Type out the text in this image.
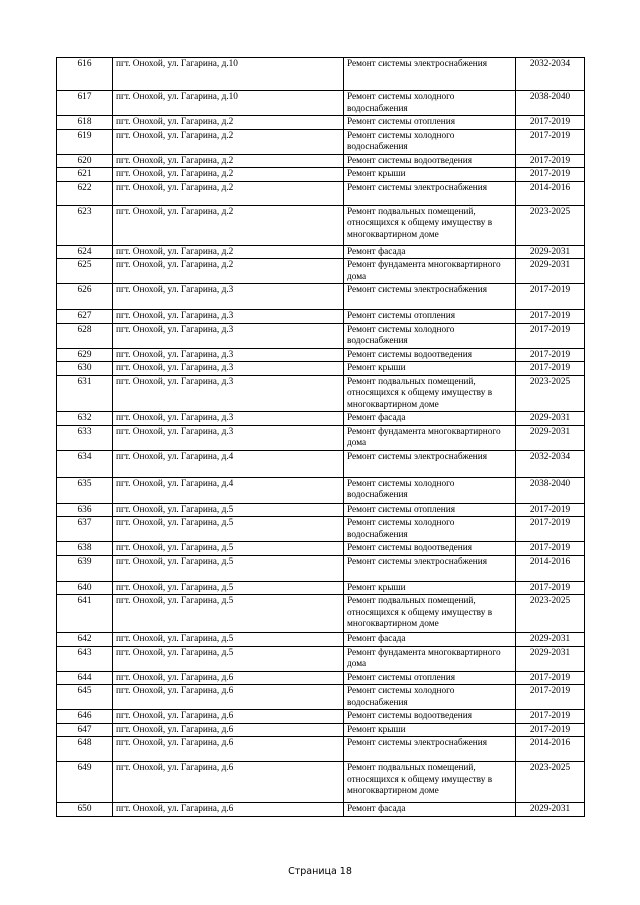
616	пгт. Онохой, ул. Гагарина, д.10	Ремонт системы электроснабжения	2032-2034
617	пгт. Онохой, ул. Гагарина, д.10	Ремонт системы холодного водоснабжения	2038-2040
618	пгт. Онохой, ул. Гагарина, д.2	Ремонт системы отопления	2017-2019
619	пгт. Онохой, ул. Гагарина, д.2	Ремонт системы холодного водоснабжения	2017-2019
620	пгт. Онохой, ул. Гагарина, д.2	Ремонт системы водоотведения	2017-2019
621	пгт. Онохой, ул. Гагарина, д.2	Ремонт крыши	2017-2019
622	пгт. Онохой, ул. Гагарина, д.2	Ремонт системы электроснабжения	2014-2016
623	пгт. Онохой, ул. Гагарина, д.2	Ремонт подвальных помещений, относящихся к общему имуществу в многоквартирном доме	2023-2025
624	пгт. Онохой, ул. Гагарина, д.2	Ремонт фасада	2029-2031
625	пгт. Онохой, ул. Гагарина, д.2	Ремонт фундамента многоквартирного дома	2029-2031
626	пгт. Онохой, ул. Гагарина, д.3	Ремонт системы электроснабжения	2017-2019
627	пгт. Онохой, ул. Гагарина, д.3	Ремонт системы отопления	2017-2019
628	пгт. Онохой, ул. Гагарина, д.3	Ремонт системы холодного водоснабжения	2017-2019
629	пгт. Онохой, ул. Гагарина, д.3	Ремонт системы водоотведения	2017-2019
630	пгт. Онохой, ул. Гагарина, д.3	Ремонт крыши	2017-2019
631	пгт. Онохой, ул. Гагарина, д.3	Ремонт подвальных помещений, относящихся к общему имуществу в многоквартирном доме	2023-2025
632	пгт. Онохой, ул. Гагарина, д.3	Ремонт фасада	2029-2031
633	пгт. Онохой, ул. Гагарина, д.3	Ремонт фундамента многоквартирного дома	2029-2031
634	пгт. Онохой, ул. Гагарина, д.4	Ремонт системы электроснабжения	2032-2034
635	пгт. Онохой, ул. Гагарина, д.4	Ремонт системы холодного водоснабжения	2038-2040
636	пгт. Онохой, ул. Гагарина, д.5	Ремонт системы отопления	2017-2019
637	пгт. Онохой, ул. Гагарина, д.5	Ремонт системы холодного водоснабжения	2017-2019
638	пгт. Онохой, ул. Гагарина, д.5	Ремонт системы водоотведения	2017-2019
639	пгт. Онохой, ул. Гагарина, д.5	Ремонт системы электроснабжения	2014-2016
640	пгт. Онохой, ул. Гагарина, д.5	Ремонт крыши	2017-2019
641	пгт. Онохой, ул. Гагарина, д.5	Ремонт подвальных помещений, относящихся к общему имуществу в многоквартирном доме	2023-2025
642	пгт. Онохой, ул. Гагарина, д.5	Ремонт фасада	2029-2031
643	пгт. Онохой, ул. Гагарина, д.5	Ремонт фундамента многоквартирного дома	2029-2031
644	пгт. Онохой, ул. Гагарина, д.6	Ремонт системы отопления	2017-2019
645	пгт. Онохой, ул. Гагарина, д.6	Ремонт системы холодного водоснабжения	2017-2019
646	пгт. Онохой, ул. Гагарина, д.6	Ремонт системы водоотведения	2017-2019
647	пгт. Онохой, ул. Гагарина, д.6	Ремонт крыши	2017-2019
648	пгт. Онохой, ул. Гагарина, д.6	Ремонт системы электроснабжения	2014-2016
649	пгт. Онохой, ул. Гагарина, д.6	Ремонт подвальных помещений, относящихся к общему имуществу в многоквартирном доме	2023-2025
650	пгт. Онохой, ул. Гагарина, д.6	Ремонт фасада	2029-2031
Страница 18
